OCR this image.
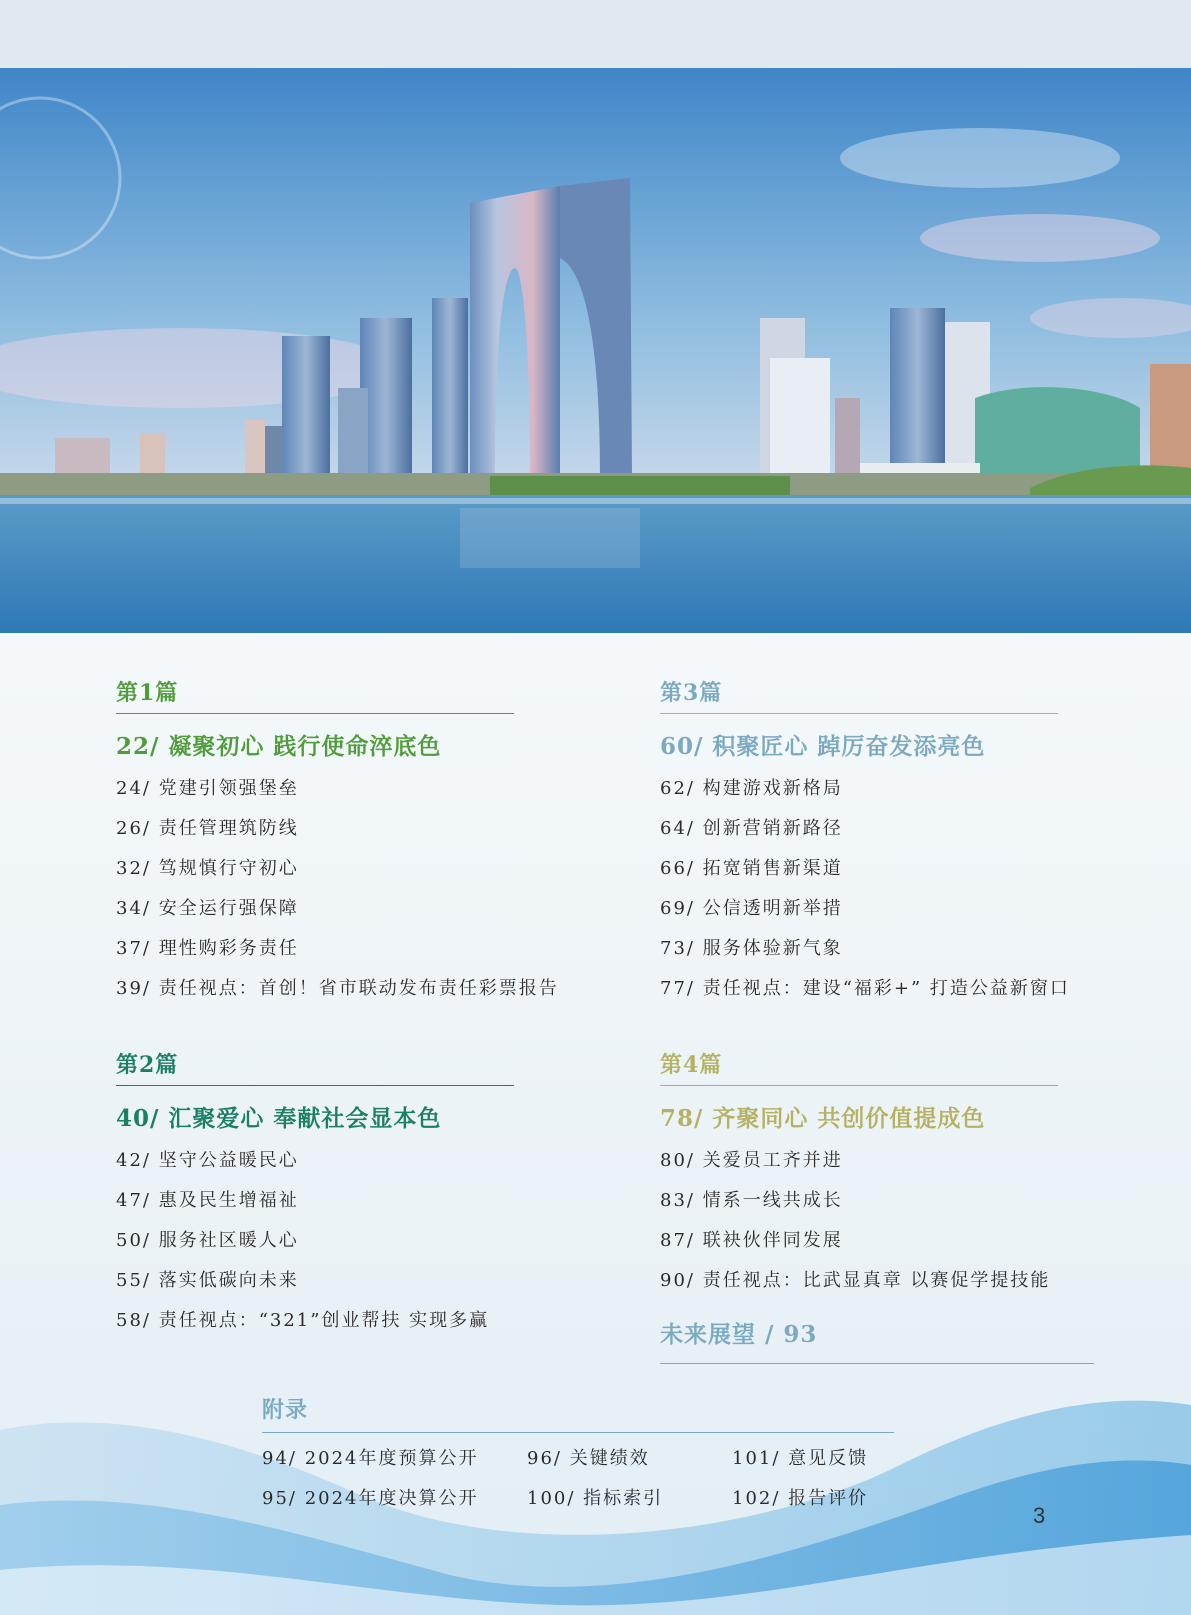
第1篇
22/ 凝聚初心 践行使命淬底色
24/ 党建引领强堡垒
26/ 责任管理筑防线
32/ 笃规慎行守初心
34/ 安全运行强保障
37/ 理性购彩务责任
39/ 责任视点：首创！省市联动发布责任彩票报告
第3篇
60/ 积聚匠心 踔厉奋发添亮色
62/ 构建游戏新格局
64/ 创新营销新路径
66/ 拓宽销售新渠道
69/ 公信透明新举措
73/ 服务体验新气象
77/ 责任视点：建设“福彩+” 打造公益新窗口
第2篇
40/ 汇聚爱心 奉献社会显本色
42/ 坚守公益暖民心
47/ 惠及民生增福祉
50/ 服务社区暖人心
55/ 落实低碳向未来
58/ 责任视点：“321”创业帮扶 实现多赢
第4篇
78/ 齐聚同心 共创价值提成色
80/ 关爱员工齐并进
83/ 情系一线共成长
87/ 联袂伙伴同发展
90/ 责任视点：比武显真章 以赛促学提技能
未来展望 / 93
附录
94/ 2024年度预算公开	96/ 关键绩效	101/ 意见反馈
95/ 2024年度决算公开	100/ 指标索引	102/ 报告评价
3
